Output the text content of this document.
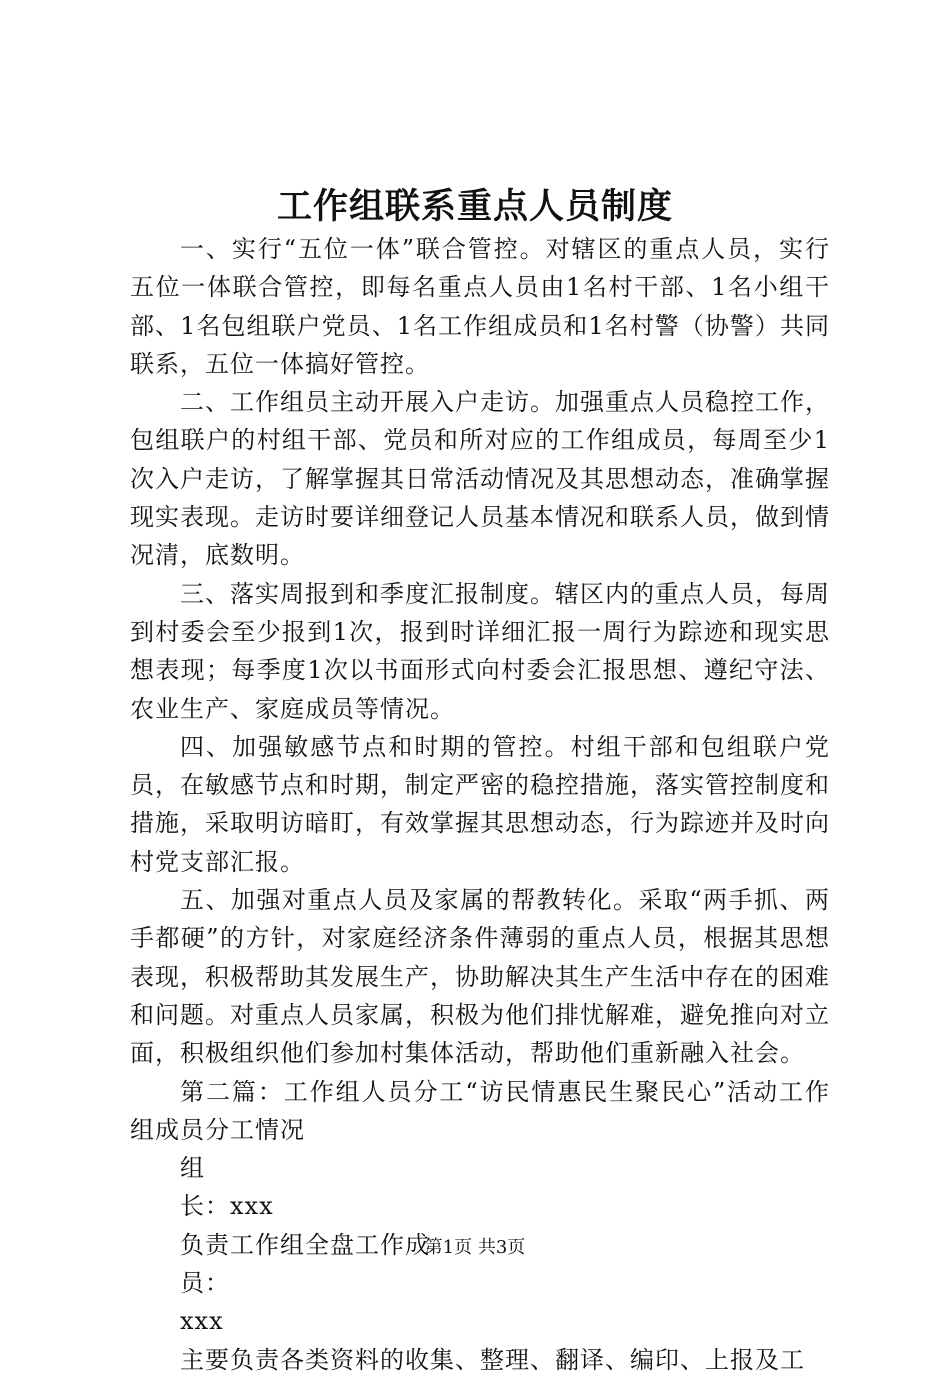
工作组联系重点人员制度

一、实行“五位一体”联合管控。对辖区的重点人员，实行五位一体联合管控，即每名重点人员由1名村干部、1名小组干部、1名包组联户党员、1名工作组成员和1名村警（协警）共同联系，五位一体搞好管控。

二、工作组员主动开展入户走访。加强重点人员稳控工作，包组联户的村组干部、党员和所对应的工作组成员，每周至少1次入户走访，了解掌握其日常活动情况及其思想动态，准确掌握现实表现。走访时要详细登记人员基本情况和联系人员，做到情况清，底数明。

三、落实周报到和季度汇报制度。辖区内的重点人员，每周到村委会至少报到1次，报到时详细汇报一周行为踪迹和现实思想表现；每季度1次以书面形式向村委会汇报思想、遵纪守法、农业生产、家庭成员等情况。

四、加强敏感节点和时期的管控。村组干部和包组联户党员，在敏感节点和时期，制定严密的稳控措施，落实管控制度和措施，采取明访暗盯，有效掌握其思想动态，行为踪迹并及时向村党支部汇报。

五、加强对重点人员及家属的帮教转化。采取“两手抓、两手都硬”的方针，对家庭经济条件薄弱的重点人员，根据其思想表现，积极帮助其发展生产，协助解决其生产生活中存在的困难和问题。对重点人员家属，积极为他们排忧解难，避免推向对立面，积极组织他们参加村集体活动，帮助他们重新融入社会。

第二篇：工作组人员分工“访民情惠民生聚民心”活动工作组成员分工情况

组

长：xxx

负责工作组全盘工作成

员：

xxx

主要负责各类资料的收集、整理、翻译、编印、上报及工

第1页 共3页
